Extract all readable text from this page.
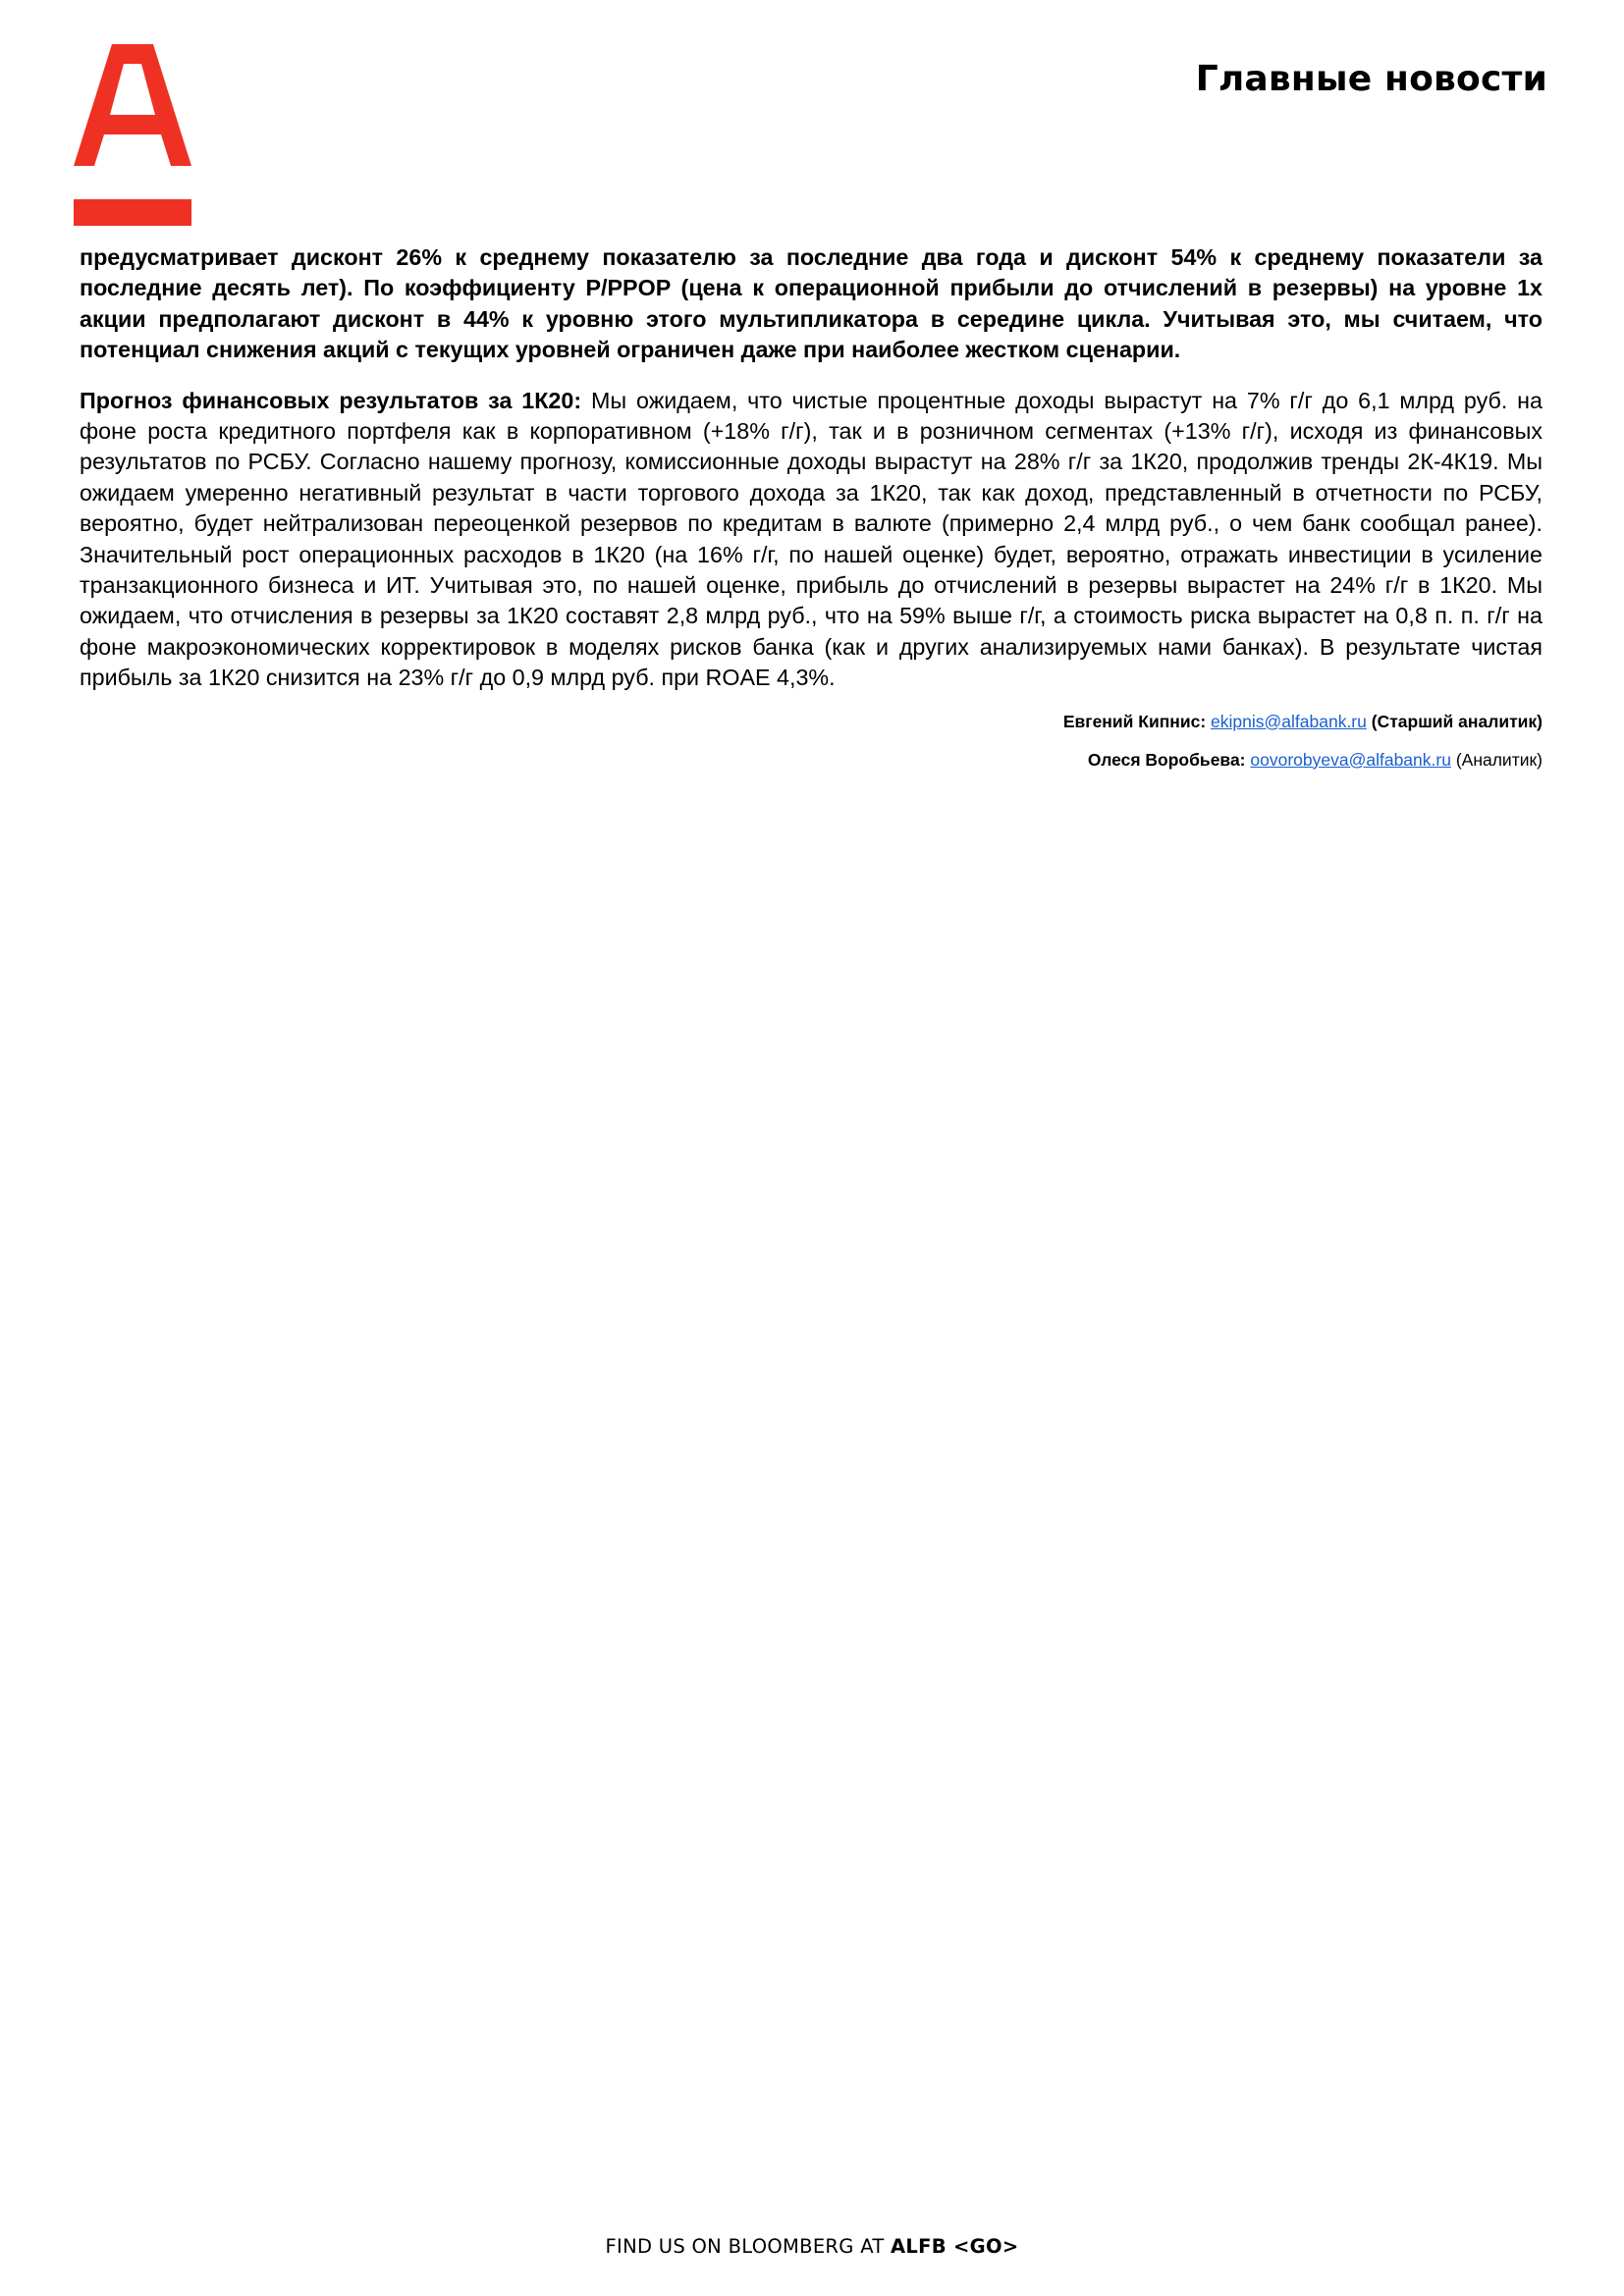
Главные новости

предусматривает дисконт 26% к среднему показателю за последние два года и дисконт 54% к среднему показатели за последние десять лет). По коэффициенту P/PPOP (цена к операционной прибыли до отчислений в резервы) на уровне 1x акции предполагают дисконт в 44% к уровню этого мультипликатора в середине цикла. Учитывая это, мы считаем, что потенциал снижения акций с текущих уровней ограничен даже при наиболее жестком сценарии.

Прогноз финансовых результатов за 1К20: Мы ожидаем, что чистые процентные доходы вырастут на 7% г/г до 6,1 млрд руб. на фоне роста кредитного портфеля как в корпоративном (+18% г/г), так и в розничном сегментах (+13% г/г), исходя из финансовых результатов по РСБУ. Согласно нашему прогнозу, комиссионные доходы вырастут на 28% г/г за 1К20, продолжив тренды 2К-4К19. Мы ожидаем умеренно негативный результат в части торгового дохода за 1К20, так как доход, представленный в отчетности по РСБУ, вероятно, будет нейтрализован переоценкой резервов по кредитам в валюте (примерно 2,4 млрд руб., о чем банк сообщал ранее). Значительный рост операционных расходов в 1К20 (на 16% г/г, по нашей оценке) будет, вероятно, отражать инвестиции в усиление транзакционного бизнеса и ИТ. Учитывая это, по нашей оценке, прибыль до отчислений в резервы вырастет на 24% г/г в 1К20. Мы ожидаем, что отчисления в резервы за 1К20 составят 2,8 млрд руб., что на 59% выше г/г, а стоимость риска вырастет на 0,8 п. п. г/г на фоне макроэкономических корректировок в моделях рисков банка (как и других анализируемых нами банках). В результате чистая прибыль за 1К20 снизится на 23% г/г до 0,9 млрд руб. при ROAE 4,3%.

Евгений Кипнис: ekipnis@alfabank.ru (Старший аналитик)
Олеся Воробьева: oovorobyeva@alfabank.ru (Аналитик)
FIND US ON BLOOMBERG AT ALFB <GO>
